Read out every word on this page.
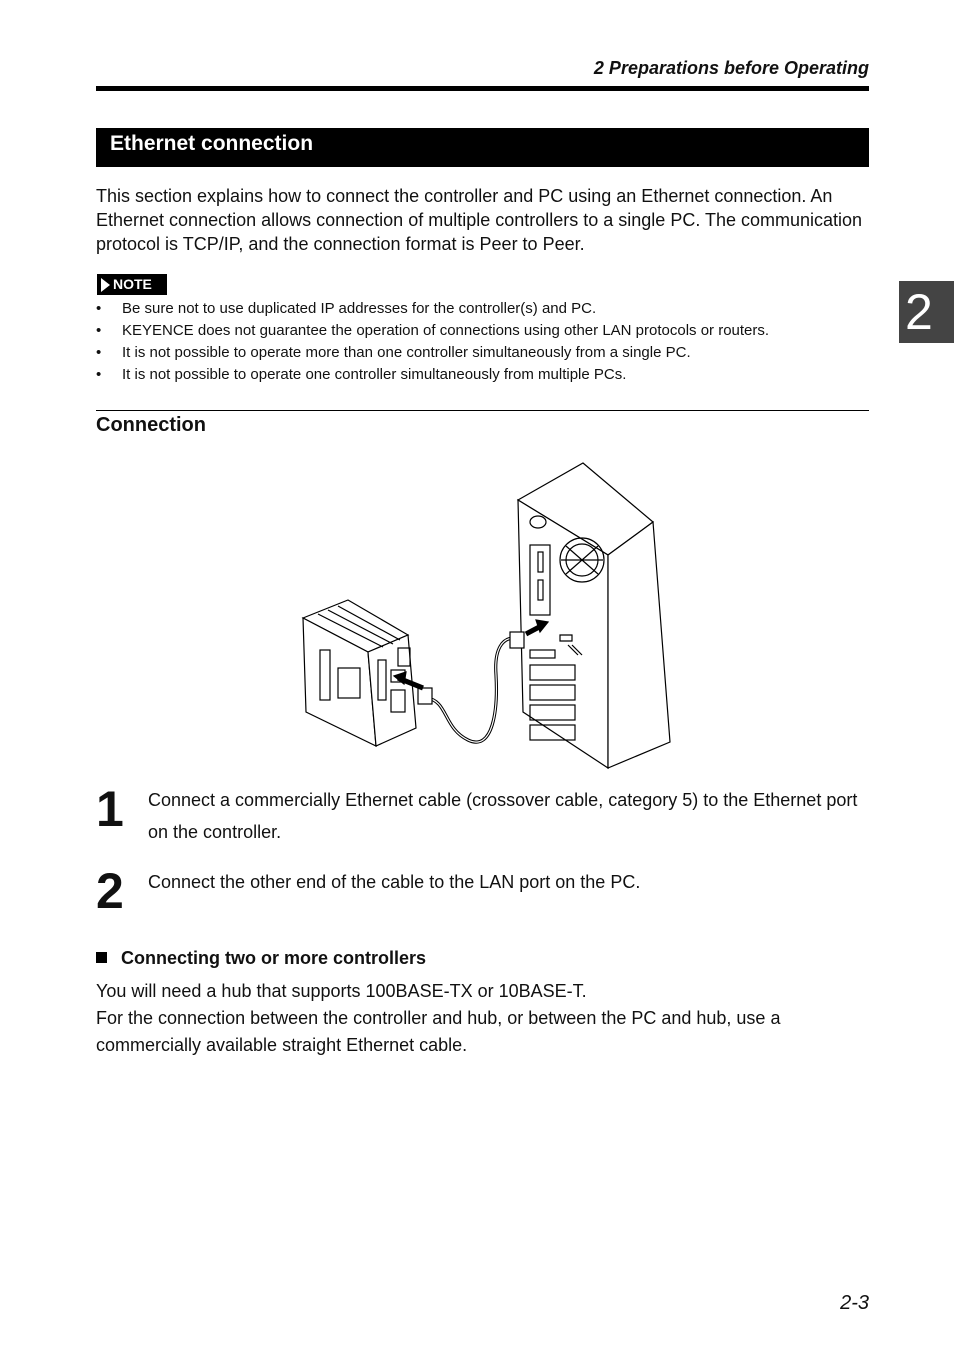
2 Preparations before Operating
2
Ethernet connection
This section explains how to connect the controller and PC using an Ethernet connection. An Ethernet connection allows connection of multiple controllers to a single PC. The communication protocol is TCP/IP, and the connection format is Peer to Peer.
NOTE
• Be sure not to use duplicated IP addresses for the controller(s) and PC.
• KEYENCE does not guarantee the operation of connections using other LAN protocols or routers.
• It is not possible to operate more than one controller simultaneously from a single PC.
• It is not possible to operate one controller simultaneously from multiple PCs.
Connection
1 Connect a commercially Ethernet cable (crossover cable, category 5) to the Ethernet port on the controller.
2 Connect the other end of the cable to the LAN port on the PC.
Connecting two or more controllers
You will need a hub that supports 100BASE-TX or 10BASE-T.
For the connection between the controller and hub, or between the PC and hub, use a commercially available straight Ethernet cable.
2-3
